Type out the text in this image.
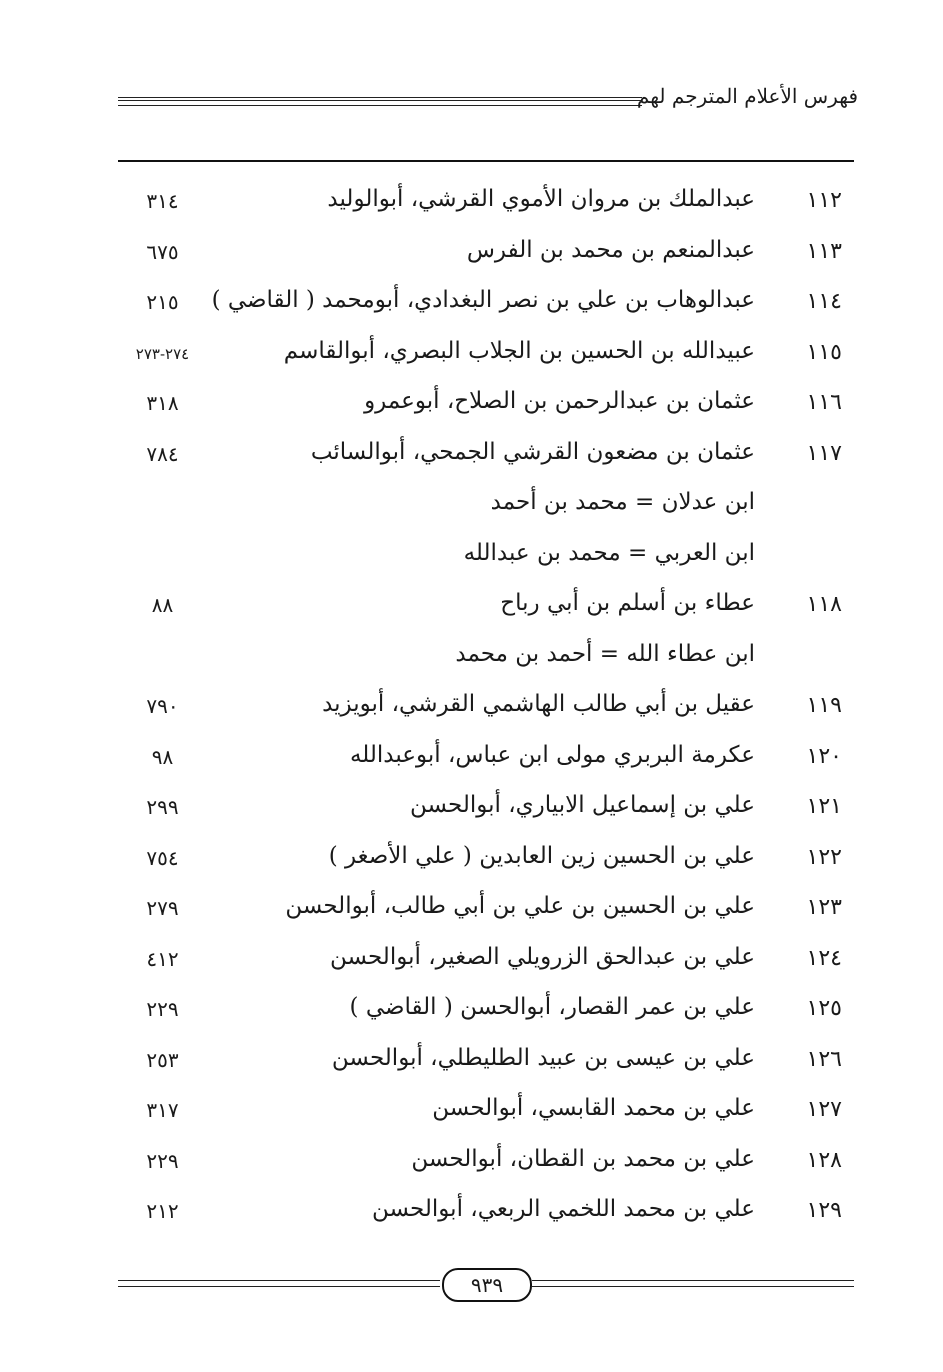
فهرس الأعلام المترجم لهم
١١٢
عبدالملك بن مروان الأموي القرشي، أبوالوليد
٣١٤
١١٣
عبدالمنعم بن محمد بن الفرس
٦٧٥
١١٤
عبدالوهاب بن علي بن نصر البغدادي، أبومحمد ( القاضي )
٢١٥
١١٥
عبيدالله بن الحسين بن الجلاب البصري، أبوالقاسم
٢٧٤-٢٧٣
١١٦
عثمان بن عبدالرحمن بن الصلاح، أبوعمرو
٣١٨
١١٧
عثمان بن مضعون القرشي الجمحي، أبوالسائب
٧٨٤
ابن عدلان = محمد بن أحمد
ابن العربي = محمد بن عبدالله
١١٨
عطاء بن أسلم بن أبي رباح
٨٨
ابن عطاء الله = أحمد بن محمد
١١٩
عقيل بن أبي طالب الهاشمي القرشي، أبويزيد
٧٩٠
١٢٠
عكرمة البربري مولى ابن عباس، أبوعبدالله
٩٨
١٢١
علي بن إسماعيل الابياري، أبوالحسن
٢٩٩
١٢٢
علي بن الحسين زين العابدين ( علي الأصغر )
٧٥٤
١٢٣
علي بن الحسين بن علي بن أبي طالب، أبوالحسن
٢٧٩
١٢٤
علي بن عبدالحق الزرويلي الصغير، أبوالحسن
٤١٢
١٢٥
علي بن عمر القصار، أبوالحسن ( القاضي )
٢٢٩
١٢٦
علي بن عيسى بن عبيد الطليطلي، أبوالحسن
٢٥٣
١٢٧
علي بن محمد القابسي، أبوالحسن
٣١٧
١٢٨
علي بن محمد بن القطان، أبوالحسن
٢٢٩
١٢٩
علي بن محمد اللخمي الربعي، أبوالحسن
٢١٢
٩٣٩
